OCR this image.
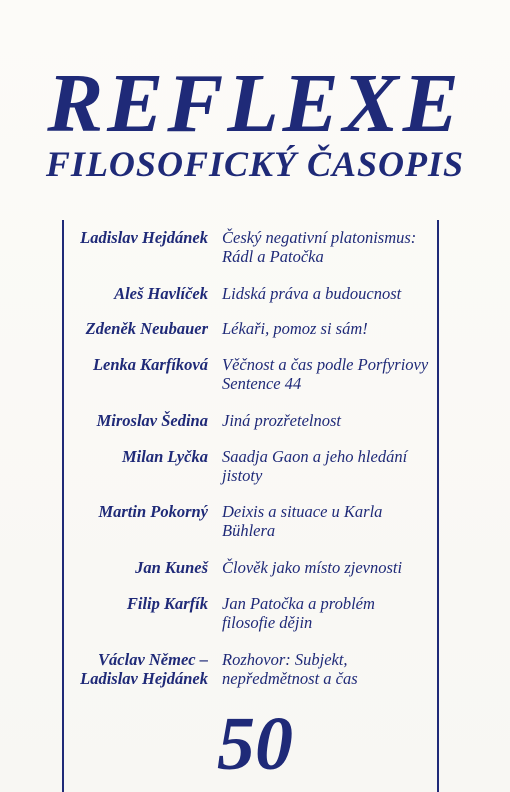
REFLEXE
FILOSOFICKÝ ČASOPIS
Ladislav Hejdánek Český negativní platonismus:
Rádl a Patočka
Aleš Havlíček Lidská práva a budoucnost
Zdeněk Neubauer Lékaři, pomoz si sám!
Lenka Karfíková Věčnost a čas podle Porfyriovy
Sentence 44
Miroslav Šedina Jiná prozřetelnost
Milan Lyčka Saadja Gaon a jeho hledání
jistoty
Martin Pokorný Deixis a situace u Karla
Bühlera
Jan Kuneš Člověk jako místo zjevnosti
Filip Karfík Jan Patočka a problém
filosofie dějin
Václav Němec –
Ladislav Hejdánek
Rozhovor: Subjekt,
nepředmětnost a čas
50
